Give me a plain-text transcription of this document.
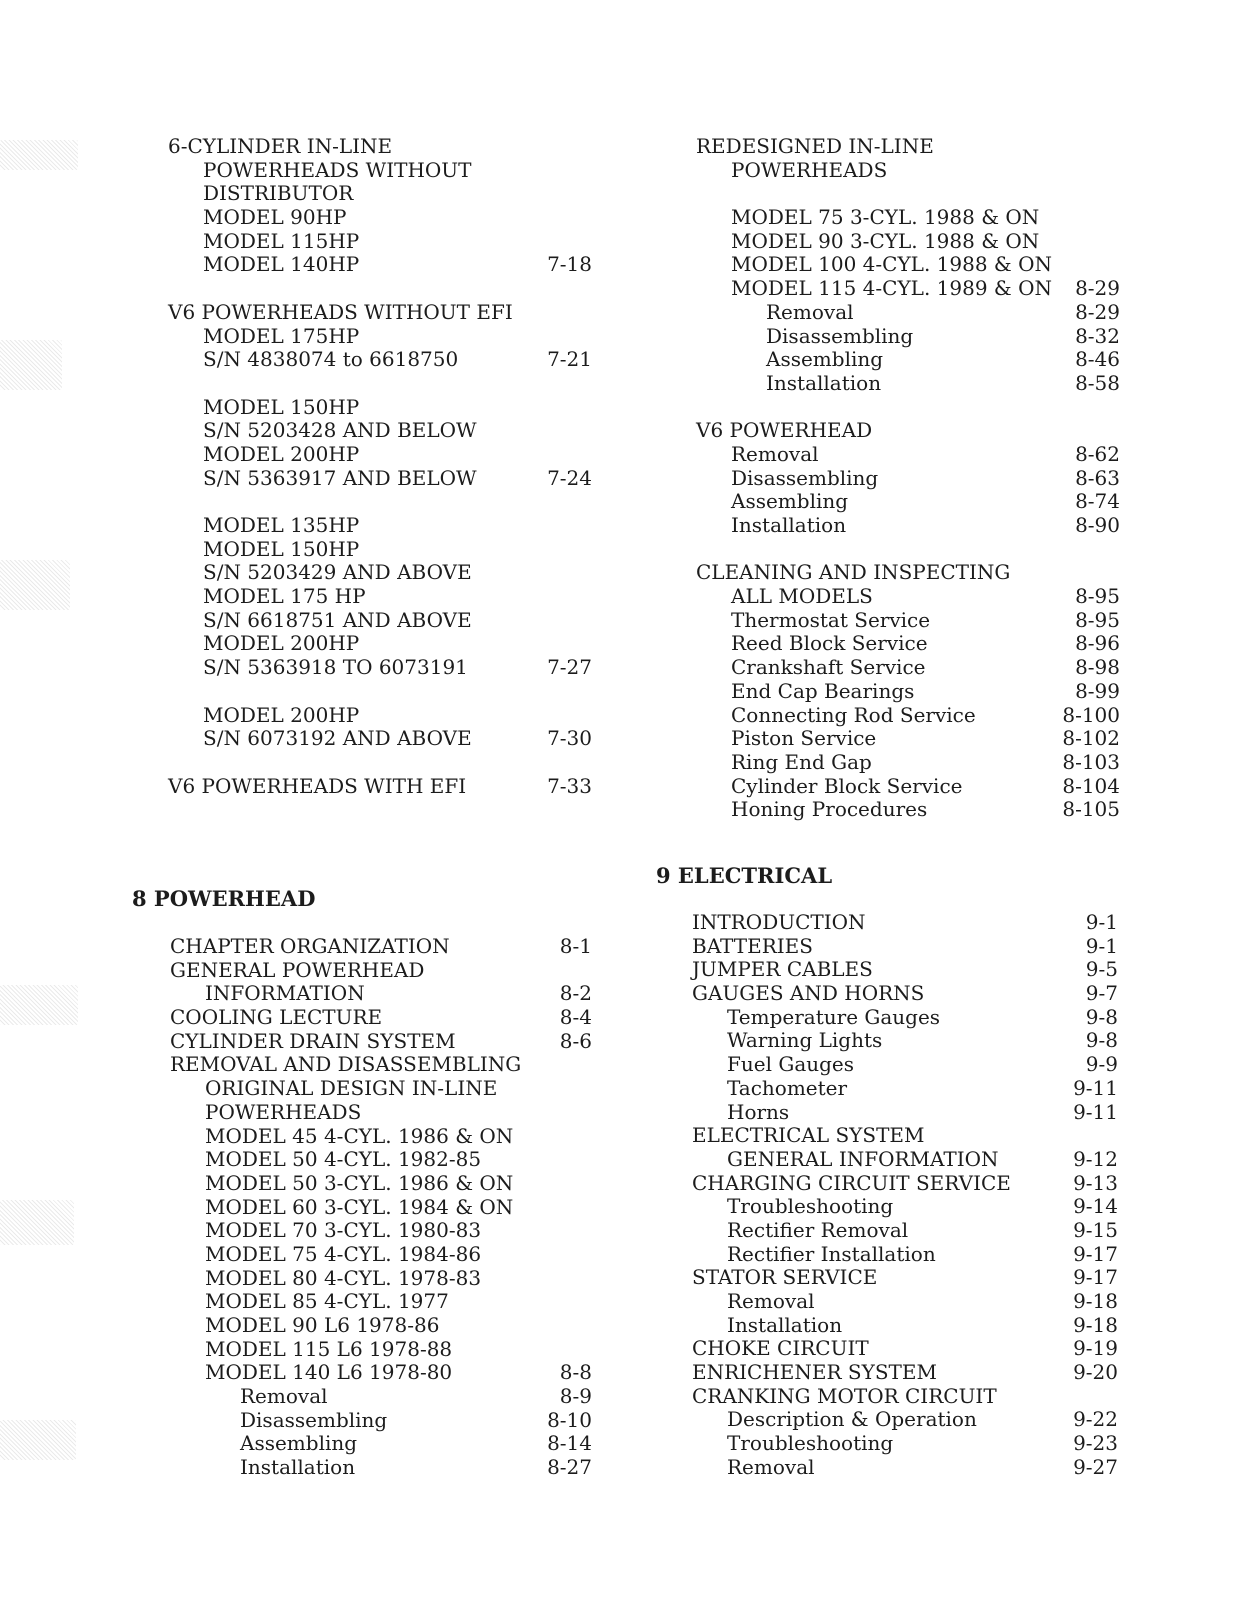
6-CYLINDER IN-LINE
POWERHEADS WITHOUT
DISTRIBUTOR
MODEL 90HP
MODEL 115HP
MODEL 140HP	7-18
V6 POWERHEADS WITHOUT EFI
MODEL 175HP
S/N 4838074 to 6618750	7-21
MODEL 150HP
S/N 5203428 AND BELOW
MODEL 200HP
S/N 5363917 AND BELOW	7-24
MODEL 135HP
MODEL 150HP
S/N 5203429 AND ABOVE
MODEL 175 HP
S/N 6618751 AND ABOVE
MODEL 200HP
S/N 5363918 TO 6073191	7-27
MODEL 200HP
S/N 6073192 AND ABOVE	7-30
V6 POWERHEADS WITH EFI	7-33
REDESIGNED IN-LINE
POWERHEADS
MODEL 75 3-CYL. 1988 & ON
MODEL 90 3-CYL. 1988 & ON
MODEL 100 4-CYL. 1988 & ON
MODEL 115 4-CYL. 1989 & ON 8-29
Removal	8-29
Disassembling	8-32
Assembling	8-46
Installation	8-58
V6 POWERHEAD
Removal	8-62
Disassembling	8-63
Assembling	8-74
Installation	8-90
CLEANING AND INSPECTING
ALL MODELS	8-95
Thermostat Service	8-95
Reed Block Service	8-96
Crankshaft Service	8-98
End Cap Bearings	8-99
Connecting Rod Service	8-100
Piston Service	8-102
Ring End Gap	8-103
Cylinder Block Service	8-104
Honing Procedures	8-105
8 POWERHEAD
CHAPTER ORGANIZATION	8-1
GENERAL POWERHEAD
INFORMATION	8-2
COOLING LECTURE	8-4
CYLINDER DRAIN SYSTEM	8-6
REMOVAL AND DISASSEMBLING
ORIGINAL DESIGN IN-LINE
POWERHEADS
MODEL 45 4-CYL. 1986 & ON
MODEL 50 4-CYL. 1982-85
MODEL 50 3-CYL. 1986 & ON
MODEL 60 3-CYL. 1984 & ON
MODEL 70 3-CYL. 1980-83
MODEL 75 4-CYL. 1984-86
MODEL 80 4-CYL. 1978-83
MODEL 85 4-CYL. 1977
MODEL 90 L6 1978-86
MODEL 115 L6 1978-88
MODEL 140 L6 1978-80	8-8
Removal	8-9
Disassembling	8-10
Assembling	8-14
Installation	8-27
9 ELECTRICAL
INTRODUCTION	9-1
BATTERIES	9-1
JUMPER CABLES	9-5
GAUGES AND HORNS	9-7
Temperature Gauges	9-8
Warning Lights	9-8
Fuel Gauges	9-9
Tachometer	9-11
Horns	9-11
ELECTRICAL SYSTEM
GENERAL INFORMATION	9-12
CHARGING CIRCUIT SERVICE	9-13
Troubleshooting	9-14
Rectifier Removal	9-15
Rectifier Installation	9-17
STATOR SERVICE	9-17
Removal	9-18
Installation	9-18
CHOKE CIRCUIT	9-19
ENRICHENER SYSTEM	9-20
CRANKING MOTOR CIRCUIT
Description & Operation	9-22
Troubleshooting	9-23
Removal	9-27
